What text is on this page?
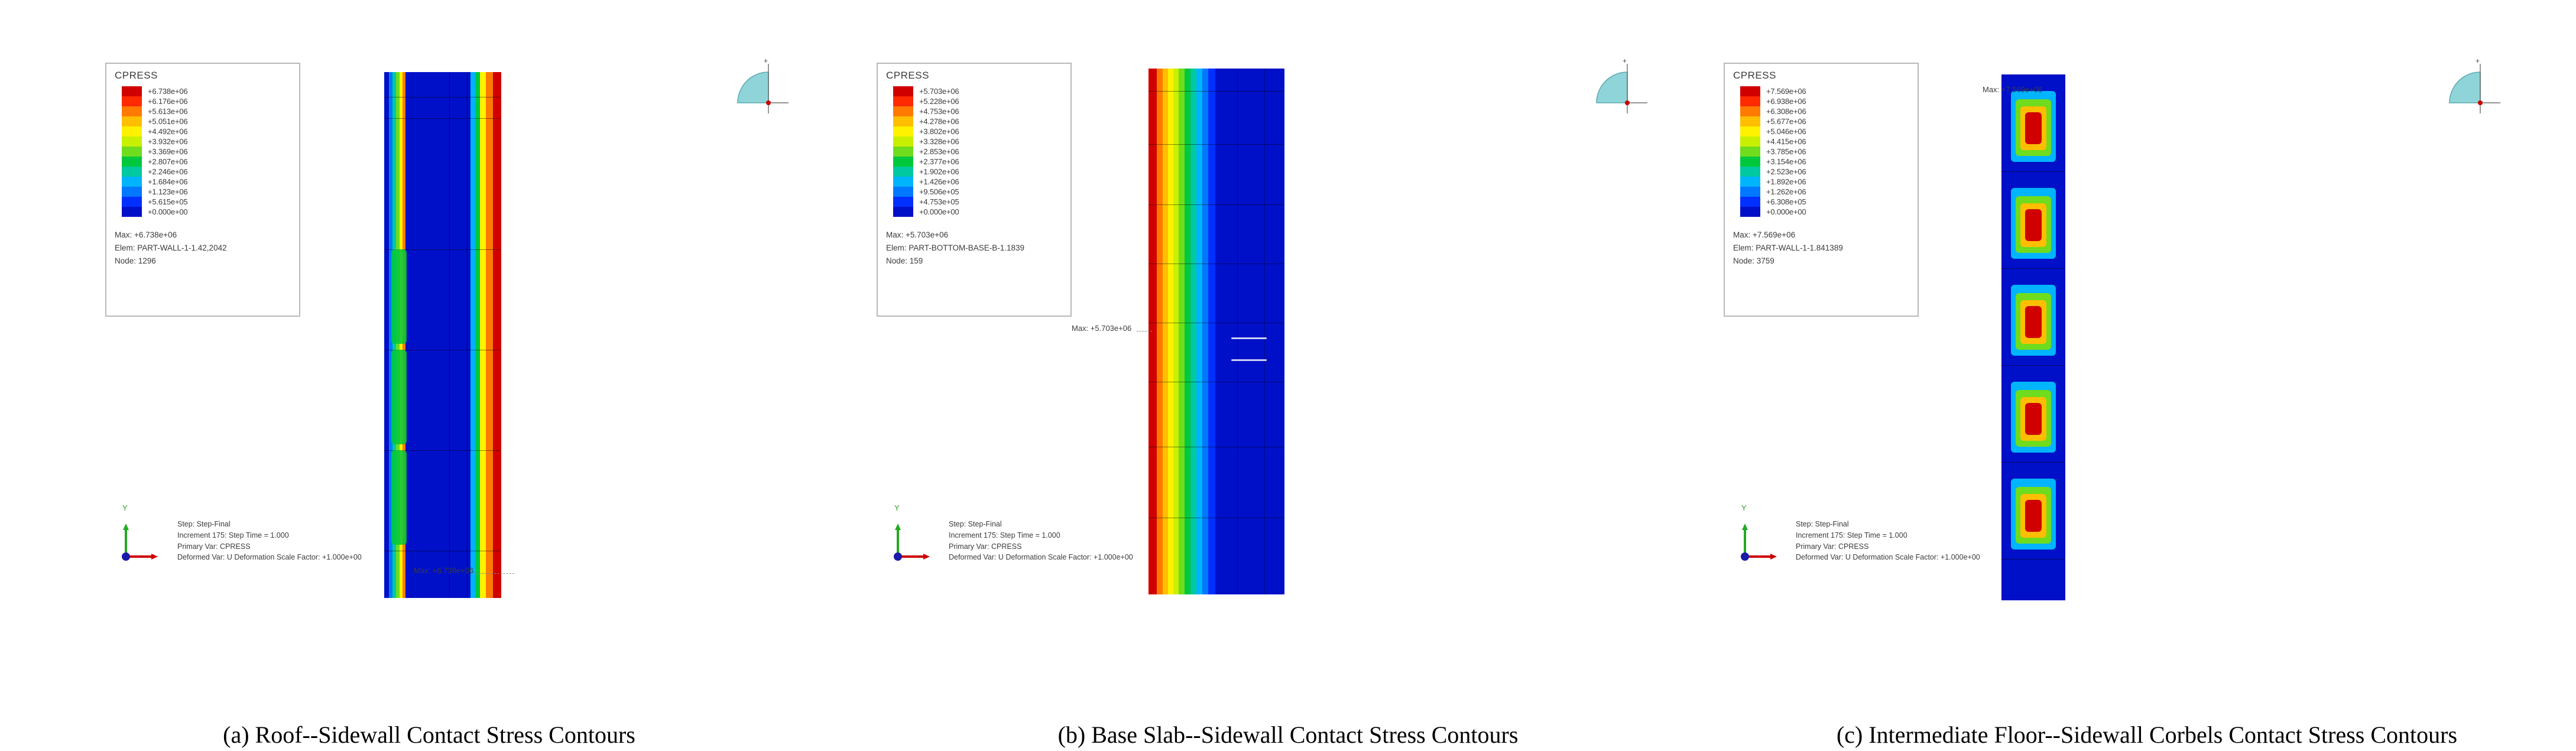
CPRESS
+6.738e+06
+6.176e+06
+5.613e+06
+5.051e+06
+4.492e+06
+3.932e+06
+3.369e+06
+2.807e+06
+2.246e+06
+1.684e+06
+1.123e+06
+5.615e+05
+0.000e+00
Max: +6.738e+06
Elem: PART-WALL-1-1.42,2042
Node: 1296
Max: +6.738e+06
+
Y
Step: Step-Final
Increment 175: Step Time = 1.000
Primary Var: CPRESS
Deformed Var: U Deformation Scale Factor: +1.000e+00
(a) Roof--Sidewall Contact Stress Contours
CPRESS
+5.703e+06
+5.228e+06
+4.753e+06
+4.278e+06
+3.802e+06
+3.328e+06
+2.853e+06
+2.377e+06
+1.902e+06
+1.426e+06
+9.506e+05
+4.753e+05
+0.000e+00
Max: +5.703e+06
Elem: PART-BOTTOM-BASE-B-1.1839
Node: 159
Max: +5.703e+06
+
Y
Step: Step-Final
Increment 175: Step Time = 1.000
Primary Var: CPRESS
Deformed Var: U Deformation Scale Factor: +1.000e+00
(b) Base Slab--Sidewall Contact Stress Contours
CPRESS
+7.569e+06
+6.938e+06
+6.308e+06
+5.677e+06
+5.046e+06
+4.415e+06
+3.785e+06
+3.154e+06
+2.523e+06
+1.892e+06
+1.262e+06
+6.308e+05
+0.000e+00
Max: +7.569e+06
Elem: PART-WALL-1-1.841389
Node: 3759
Max: +7.569e+06
+
Y
Step: Step-Final
Increment 175: Step Time = 1.000
Primary Var: CPRESS
Deformed Var: U Deformation Scale Factor: +1.000e+00
(c) Intermediate Floor--Sidewall Corbels Contact Stress Contours
